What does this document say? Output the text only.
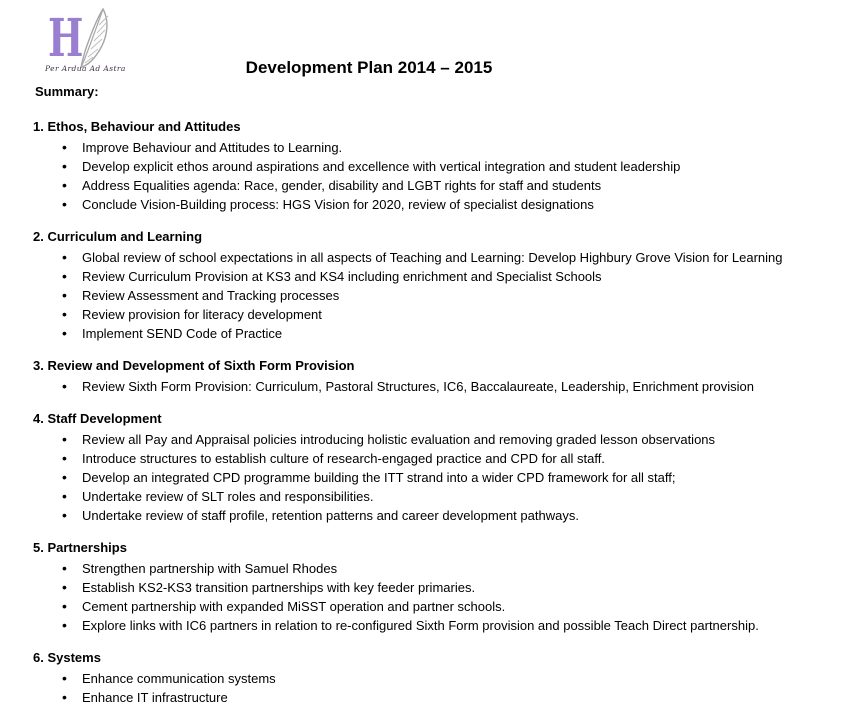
H
Per Ardua Ad Astra	Development Plan 2014 – 2015
Summary:
1. Ethos, Behaviour and Attitudes
• Improve Behaviour and Attitudes to Learning.
• Develop explicit ethos around aspirations and excellence with vertical integration and student leadership
• Address Equalities agenda: Race, gender, disability and LGBT rights for staff and students
• Conclude Vision-Building process: HGS Vision for 2020, review of specialist designations
2. Curriculum and Learning
• Global review of school expectations in all aspects of Teaching and Learning: Develop Highbury Grove Vision for Learning
• Review Curriculum Provision at KS3 and KS4 including enrichment and Specialist Schools
• Review Assessment and Tracking processes
• Review provision for literacy development
• Implement SEND Code of Practice
3. Review and Development of Sixth Form Provision
• Review Sixth Form Provision: Curriculum, Pastoral Structures, IC6, Baccalaureate, Leadership, Enrichment provision
4. Staff Development
• Review all Pay and Appraisal policies introducing holistic evaluation and removing graded lesson observations
• Introduce structures to establish culture of research-engaged practice and CPD for all staff.
• Develop an integrated CPD programme building the ITT strand into a wider CPD framework for all staff;
• Undertake review of SLT roles and responsibilities.
• Undertake review of staff profile, retention patterns and career development pathways.
5. Partnerships
• Strengthen partnership with Samuel Rhodes
• Establish KS2-KS3 transition partnerships with key feeder primaries.
• Cement partnership with expanded MiSST operation and partner schools.
• Explore links with IC6 partners in relation to re-configured Sixth Form provision and possible Teach Direct partnership.
6. Systems
• Enhance communication systems
• Enhance IT infrastructure
